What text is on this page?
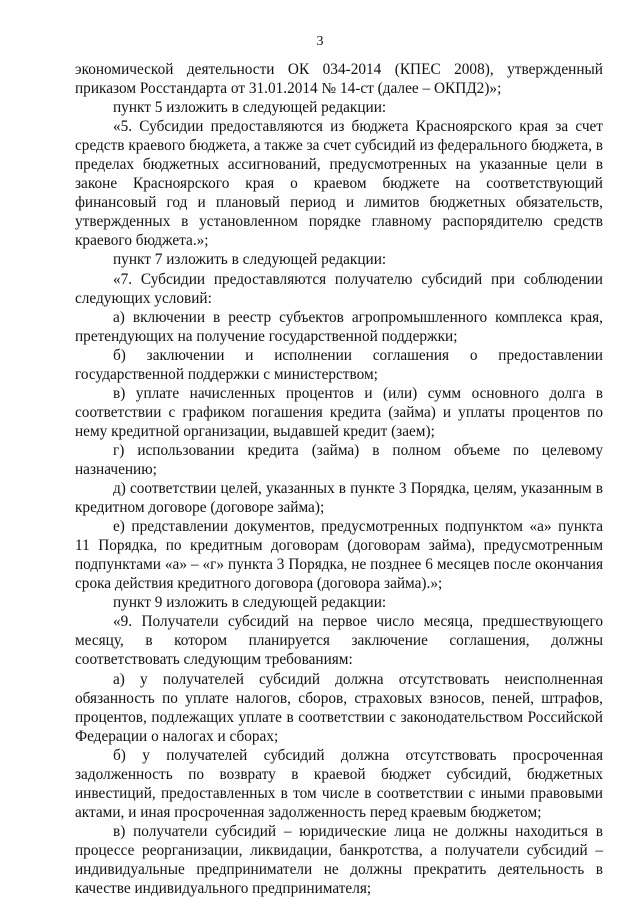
3

экономической деятельности ОК 034-2014 (КПЕС 2008), утвержденный приказом Росстандарта от 31.01.2014 № 14-ст (далее – ОКПД2)»;

пункт 5 изложить в следующей редакции:

«5. Субсидии предоставляются из бюджета Красноярского края за счет средств краевого бюджета, а также за счет субсидий из федерального бюджета, в пределах бюджетных ассигнований, предусмотренных на указанные цели в законе Красноярского края о краевом бюджете на соответствующий финансовый год и плановый период и лимитов бюджетных обязательств, утвержденных в установленном порядке главному распорядителю средств краевого бюджета.»;

пункт 7 изложить в следующей редакции:

«7. Субсидии предоставляются получателю субсидий при соблюдении следующих условий:

а) включении в реестр субъектов агропромышленного комплекса края, претендующих на получение государственной поддержки;

б) заключении и исполнении соглашения о предоставлении государственной поддержки с министерством;

в) уплате начисленных процентов и (или) сумм основного долга в соответствии с графиком погашения кредита (займа) и уплаты процентов по нему кредитной организации, выдавшей кредит (заем);

г) использовании кредита (займа) в полном объеме по целевому назначению;

д) соответствии целей, указанных в пункте 3 Порядка, целям, указанным в кредитном договоре (договоре займа);

е) представлении документов, предусмотренных подпунктом «а» пункта 11 Порядка, по кредитным договорам (договорам займа), предусмотренным подпунктами «а» – «г» пункта 3 Порядка, не позднее 6 месяцев после окончания срока действия кредитного договора (договора займа).»;

пункт 9 изложить в следующей редакции:

«9. Получатели субсидий на первое число месяца, предшествующего месяцу, в котором планируется заключение соглашения, должны соответствовать следующим требованиям:

а) у получателей субсидий должна отсутствовать неисполненная обязанность по уплате налогов, сборов, страховых взносов, пеней, штрафов, процентов, подлежащих уплате в соответствии с законодательством Российской Федерации о налогах и сборах;

б) у получателей субсидий должна отсутствовать просроченная задолженность по возврату в краевой бюджет субсидий, бюджетных инвестиций, предоставленных в том числе в соответствии с иными правовыми актами, и иная просроченная задолженность перед краевым бюджетом;

в) получатели субсидий – юридические лица не должны находиться в процессе реорганизации, ликвидации, банкротства, а получатели субсидий – индивидуальные предприниматели не должны прекратить деятельность в качестве индивидуального предпринимателя;
